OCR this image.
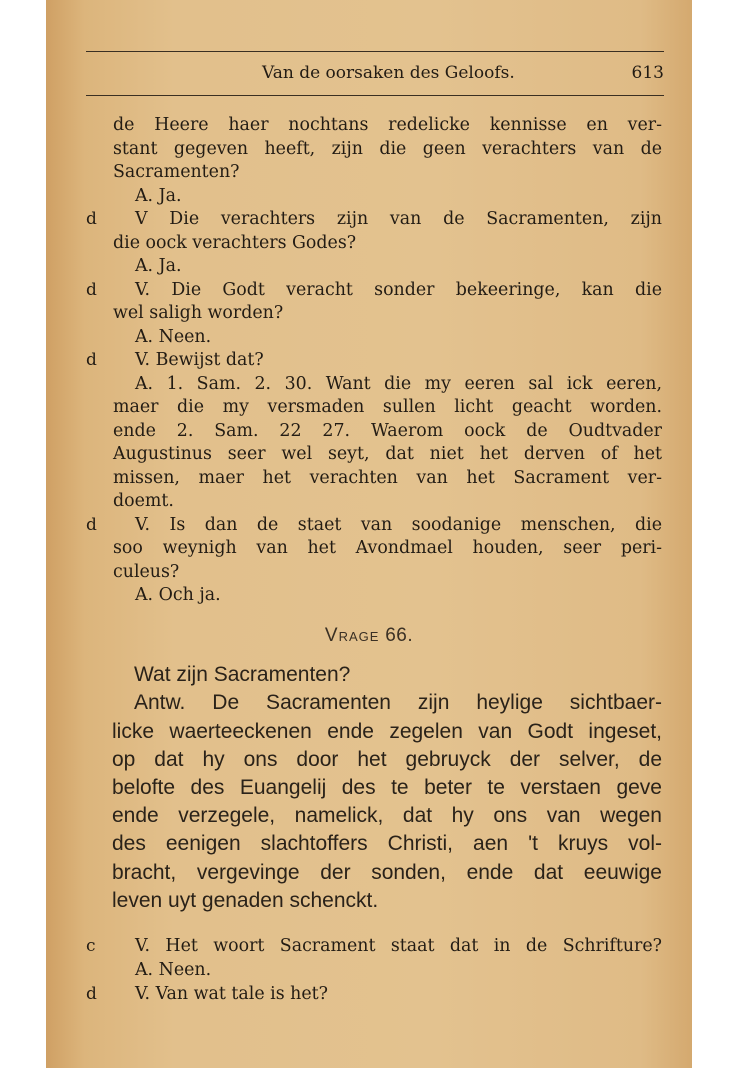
Van de oorsaken des Geloofs.	613
de Heere haer nochtans redelicke kennisse en ver-
stant gegeven heeft, zijn die geen verachters van de
Sacramenten?
A. Ja.
V Die verachters zijn van de Sacramenten, zijn
die oock verachters Godes?
A. Ja.
V. Die Godt veracht sonder bekeeringe, kan die
wel saligh worden?
A. Neen.
V. Bewijst dat?
A. 1. Sam. 2. 30. Want die my eeren sal ick eeren,
maer die my versmaden sullen licht geacht worden.
ende 2. Sam. 22 27. Waerom oock de Oudtvader
Augustinus seer wel seyt, dat niet het derven of het
missen, maer het verachten van het Sacrament ver-
doemt.
V. Is dan de staet van soodanige menschen, die
soo weynigh van het Avondmael houden, seer peri-
culeus?
A. Och ja.
d
d
d
d
Vrage 66.
Wat zijn Sacramenten?
Antw. De Sacramenten zijn heylige sichtbaer-
licke waerteeckenen ende zegelen van Godt ingeset,
op dat hy ons door het gebruyck der selver, de
belofte des Euangelij des te beter te verstaen geve
ende verzegele, namelick, dat hy ons van wegen
des eenigen slachtoffers Christi, aen 't kruys vol-
bracht, vergevinge der sonden, ende dat eeuwige
leven uyt genaden schenckt.
V. Het woort Sacrament staat dat in de Schrifture?
A. Neen.
V. Van wat tale is het?
c
d
